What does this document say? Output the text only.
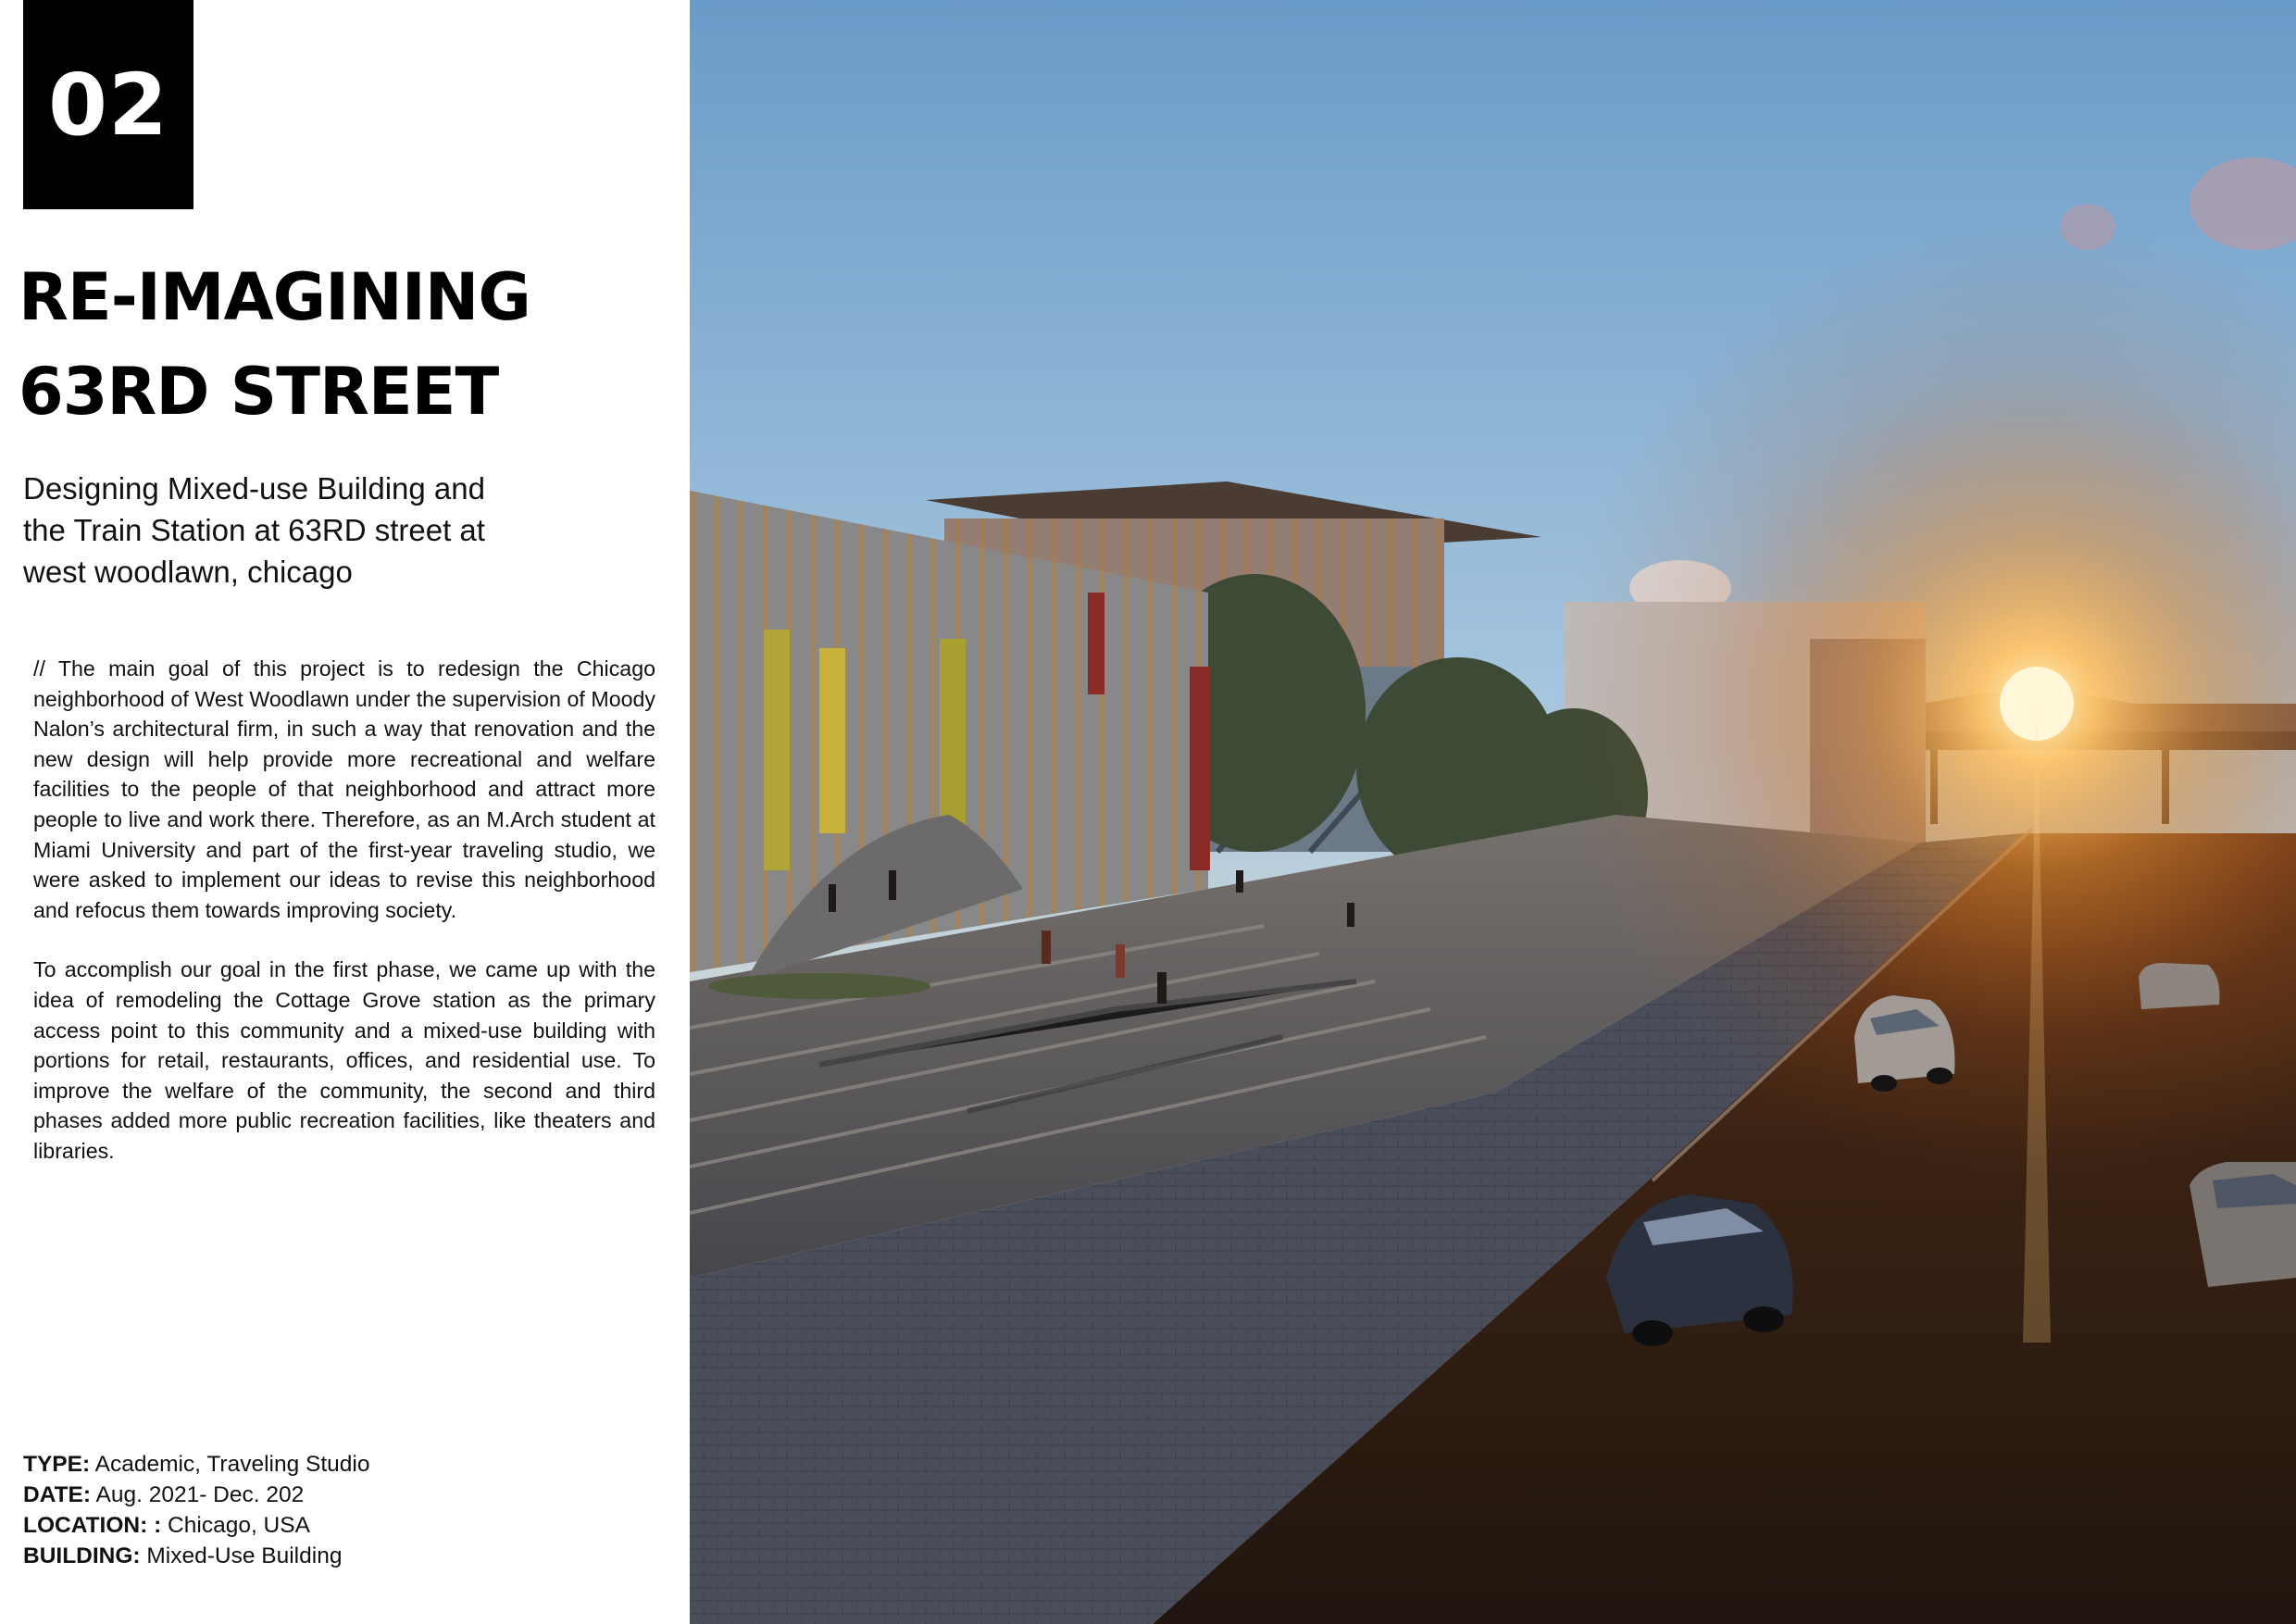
02
RE-IMAGINING
63RD STREET
Designing Mixed-use Building and
the Train Station at 63RD street at
west woodlawn, chicago

// The main goal of this project is to redesign the Chicago neighborhood of West Woodlawn under the supervision of Moody Nalon’s architectural firm, in such a way that renovation and the new design will help provide more recreational and welfare facilities to the people of that neighborhood and attract more people to live and work there. Therefore, as an M.Arch student at Miami University and part of the first-year traveling studio, we were asked to implement our ideas to revise this neighborhood and refocus them towards improving society.

To accomplish our goal in the first phase, we came up with the idea of remodeling the Cottage Grove station as the primary access point to this community and a mixed-use building with portions for retail, restaurants, offices, and residential use. To improve the welfare of the community, the second and third phases added more public recreation facilities, like theaters and libraries.

TYPE: Academic, Traveling Studio
DATE: Aug. 2021- Dec. 202
LOCATION: : Chicago, USA
BUILDING: Mixed-Use Building
